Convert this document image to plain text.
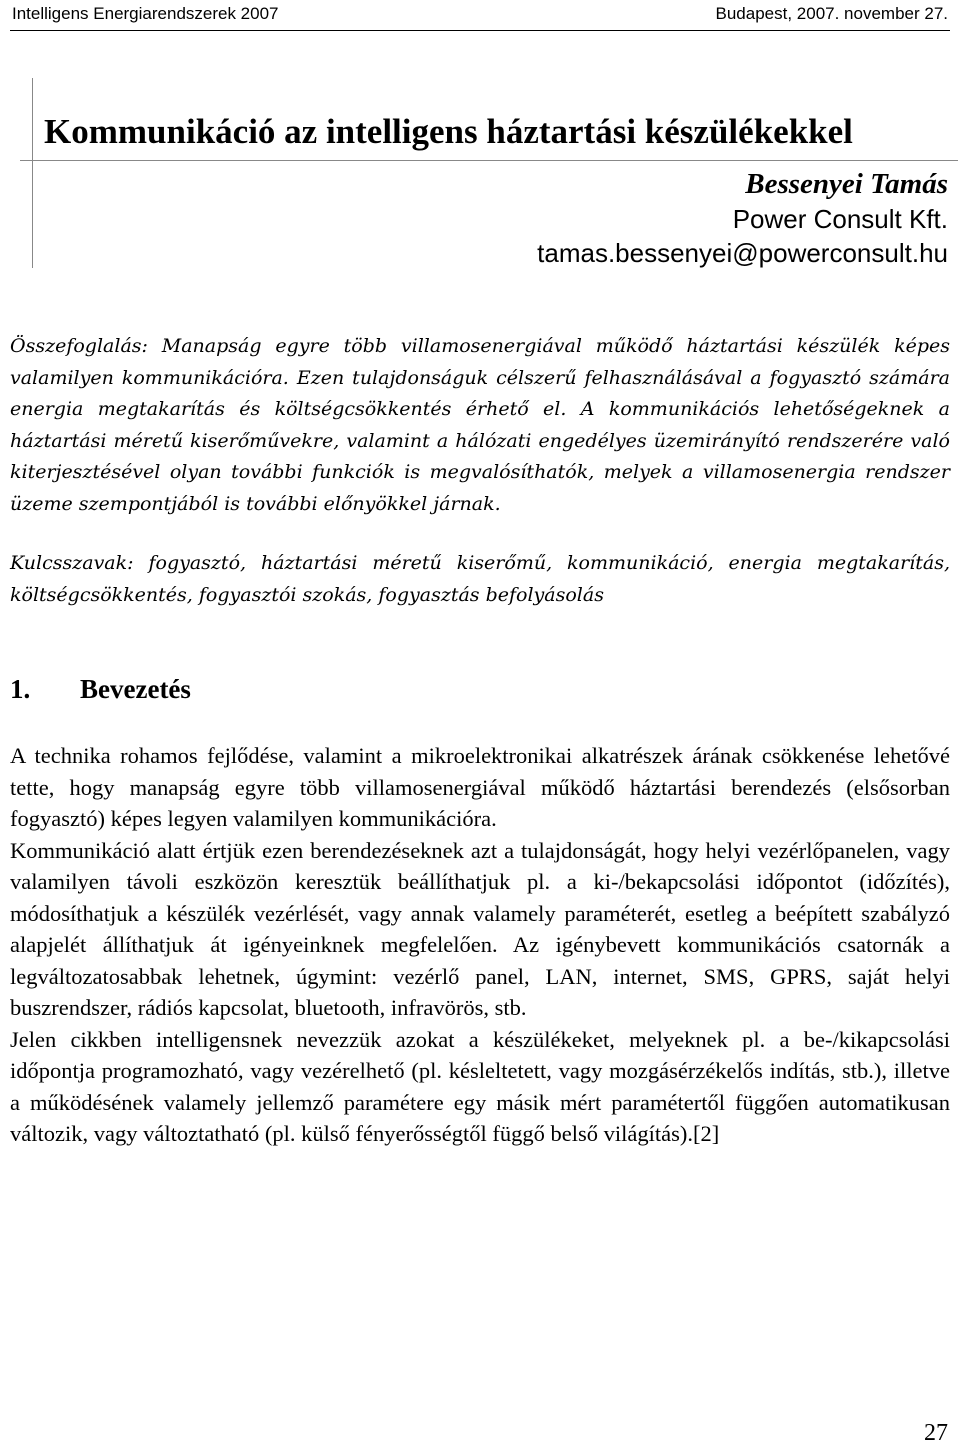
Intelligens Energiarendszerek 2007	Budapest, 2007. november 27.
Kommunikáció az intelligens háztartási készülékekkel
Bessenyei Tamás
Power Consult Kft.
tamas.bessenyei@powerconsult.hu

Összefoglalás: Manapság egyre több villamosenergiával működő háztartási készülék képes valamilyen kommunikációra. Ezen tulajdonságuk célszerű felhasználásával a fogyasztó számára energia megtakarítás és költségcsökkentés érhető el. A kommunikációs lehetőségeknek a háztartási méretű kiserőművekre, valamint a hálózati engedélyes üzemirányító rendszerére való kiterjesztésével olyan további funkciók is megvalósíthatók, melyek a villamosenergia rendszer üzeme szempontjából is további előnyökkel járnak.

Kulcsszavak: fogyasztó, háztartási méretű kiserőmű, kommunikáció, energia megtakarítás, költségcsökkentés, fogyasztói szokás, fogyasztás befolyásolás

1. Bevezetés

A technika rohamos fejlődése, valamint a mikroelektronikai alkatrészek árának csökkenése lehetővé tette, hogy manapság egyre több villamosenergiával működő háztartási berendezés (elsősorban fogyasztó) képes legyen valamilyen kommunikációra.

Kommunikáció alatt értjük ezen berendezéseknek azt a tulajdonságát, hogy helyi vezérlőpanelen, vagy valamilyen távoli eszközön keresztük beállíthatjuk pl. a ki-/bekapcsolási időpontot (időzítés), módosíthatjuk a készülék vezérlését, vagy annak valamely paraméterét, esetleg a beépített szabályzó alapjelét állíthatjuk át igényeinknek megfelelően. Az igénybevett kommunikációs csatornák a legváltozatosabbak lehetnek, úgymint: vezérlő panel, LAN, internet, SMS, GPRS, saját helyi buszrendszer, rádiós kapcsolat, bluetooth, infravörös, stb.

Jelen cikkben intelligensnek nevezzük azokat a készülékeket, melyeknek pl. a be-/kikapcsolási időpontja programozható, vagy vezérelhető (pl. késleltetett, vagy mozgásérzékelős indítás, stb.), illetve a működésének valamely jellemző paramétere egy másik mért paramétertől függően automatikusan változik, vagy változtatható (pl. külső fényerősségtől függő belső világítás).[2]

27
